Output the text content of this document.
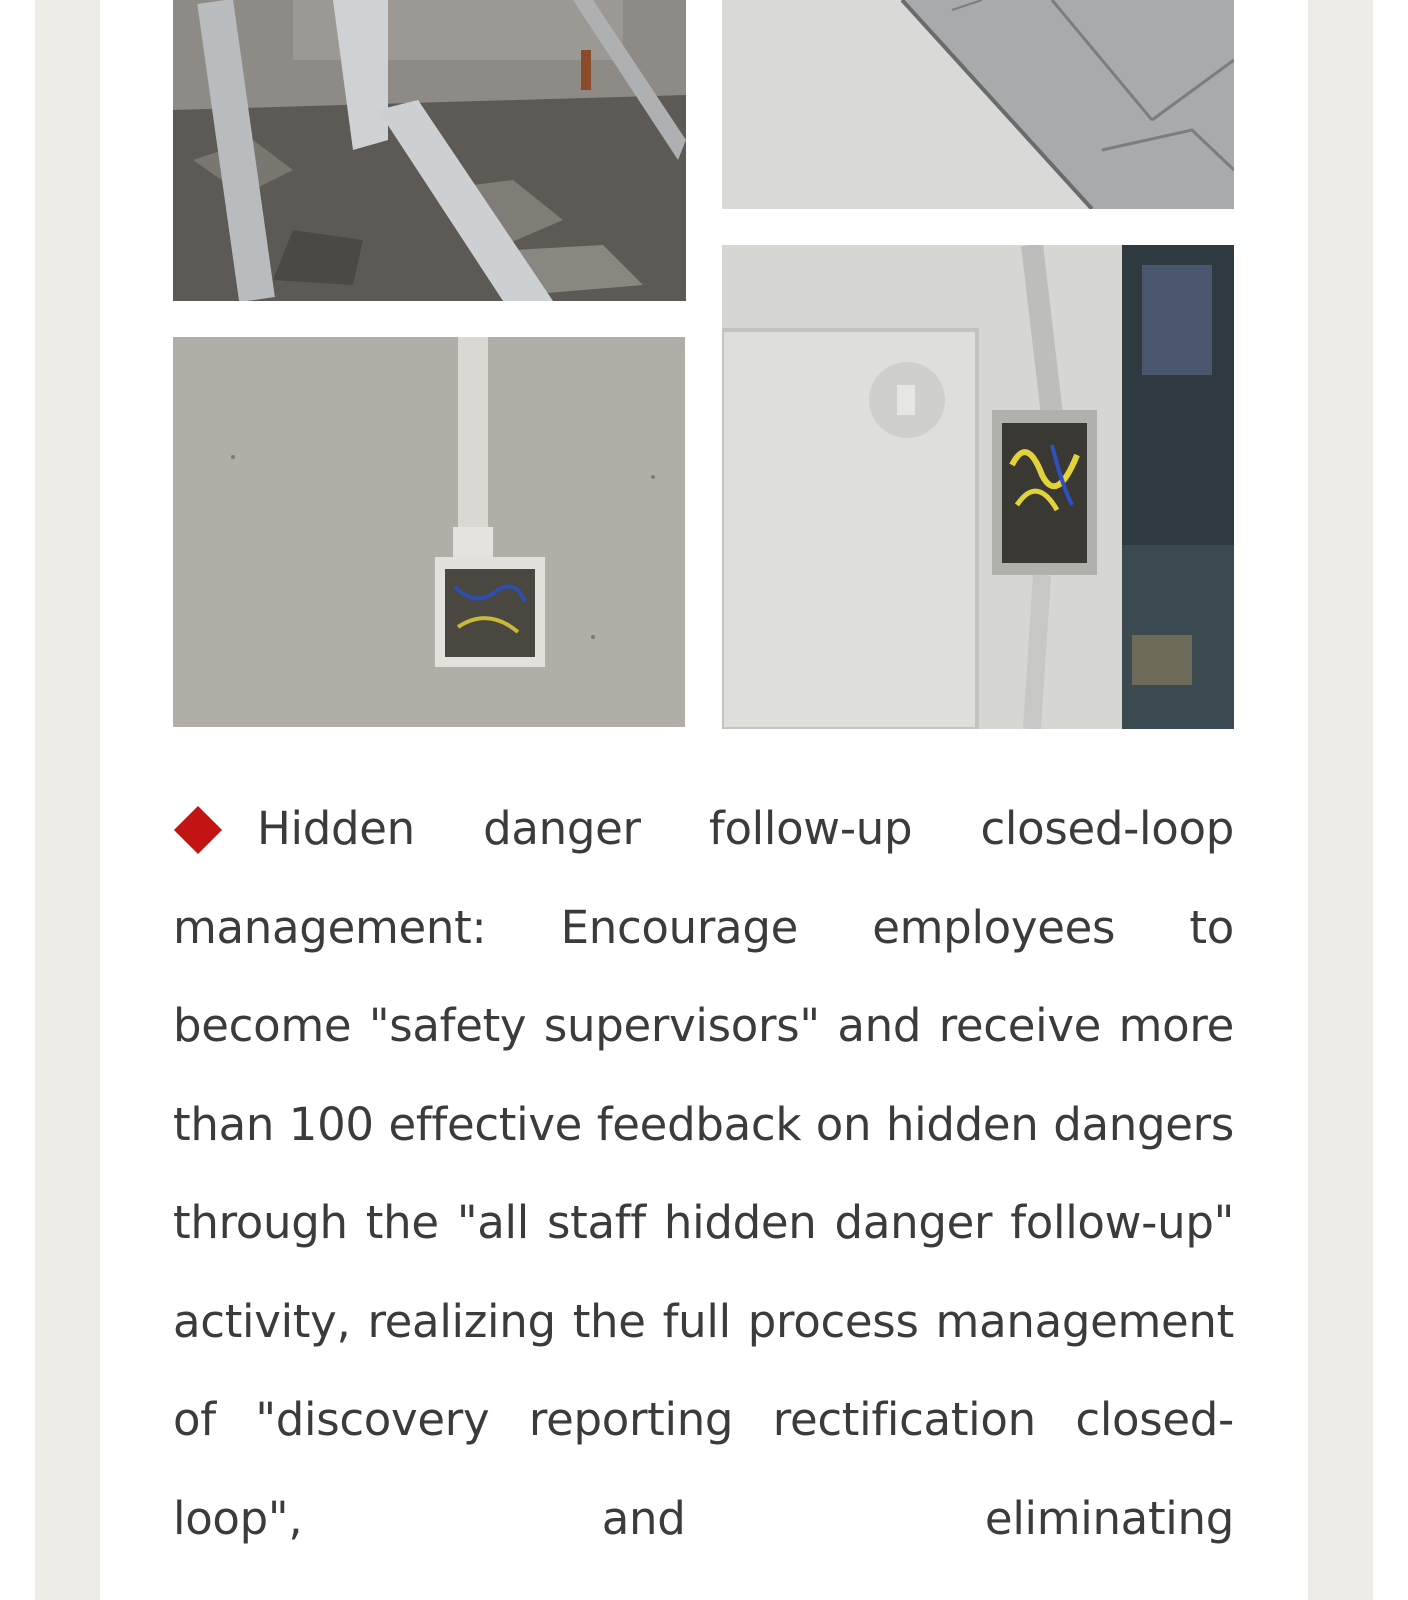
Hidden danger follow-up closed-loop management: Encourage employees to become "safety supervisors" and receive more than 100 effective feedback on hidden dangers through the "all staff hidden danger follow-up" activity, realizing the full process management of "discovery reporting rectification closed-loop", and eliminating
